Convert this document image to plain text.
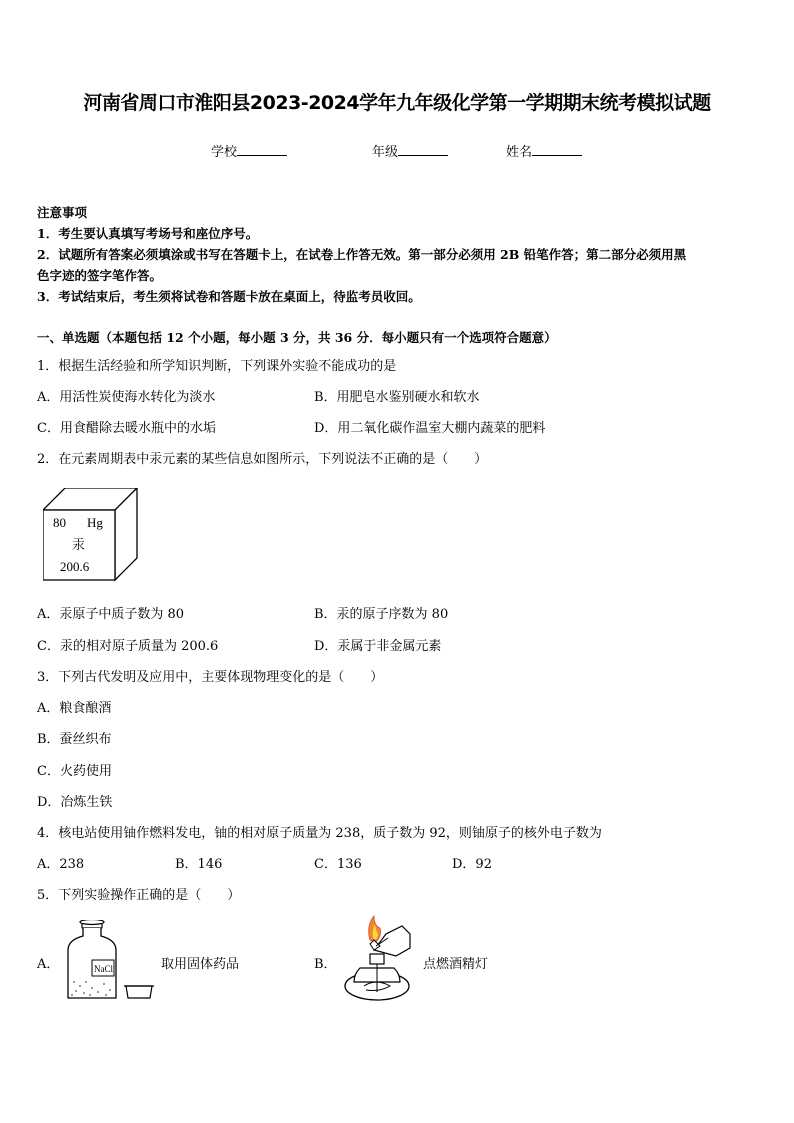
河南省周口市淮阳县2023-2024学年九年级化学第一学期期末统考模拟试题
学校	年级	姓名
注意事项
1．考生要认真填写考场号和座位序号。
2．试题所有答案必须填涂或书写在答题卡上，在试卷上作答无效。第一部分必须用 2B 铅笔作答；第二部分必须用黑
色字迹的签字笔作答。
3．考试结束后，考生须将试卷和答题卡放在桌面上，待监考员收回。
一、单选题（本题包括 12 个小题，每小题 3 分，共 36 分．每小题只有一个选项符合题意）
1．根据生活经验和所学知识判断，下列课外实验不能成功的是
A．用活性炭使海水转化为淡水	B．用肥皂水鉴别硬水和软水
C．用食醋除去暖水瓶中的水垢	D．用二氧化碳作温室大棚内蔬菜的肥料
2．在元素周期表中汞元素的某些信息如图所示，下列说法不正确的是（　　）
80 Hg
汞
200.6
A．汞原子中质子数为 80	B．汞的原子序数为 80
C．汞的相对原子质量为 200.6	D．汞属于非金属元素
3．下列古代发明及应用中，主要体现物理变化的是（　　）
A．粮食酿酒
B．蚕丝织布
C．火药使用
D．冶炼生铁
4．核电站使用铀作燃料发电，铀的相对原子质量为 238，质子数为 92，则铀原子的核外电子数为
A．238	B．146	C．136	D．92
5．下列实验操作正确的是（　　）
A．	NaCl	取用固体药品	B．	点燃酒精灯
